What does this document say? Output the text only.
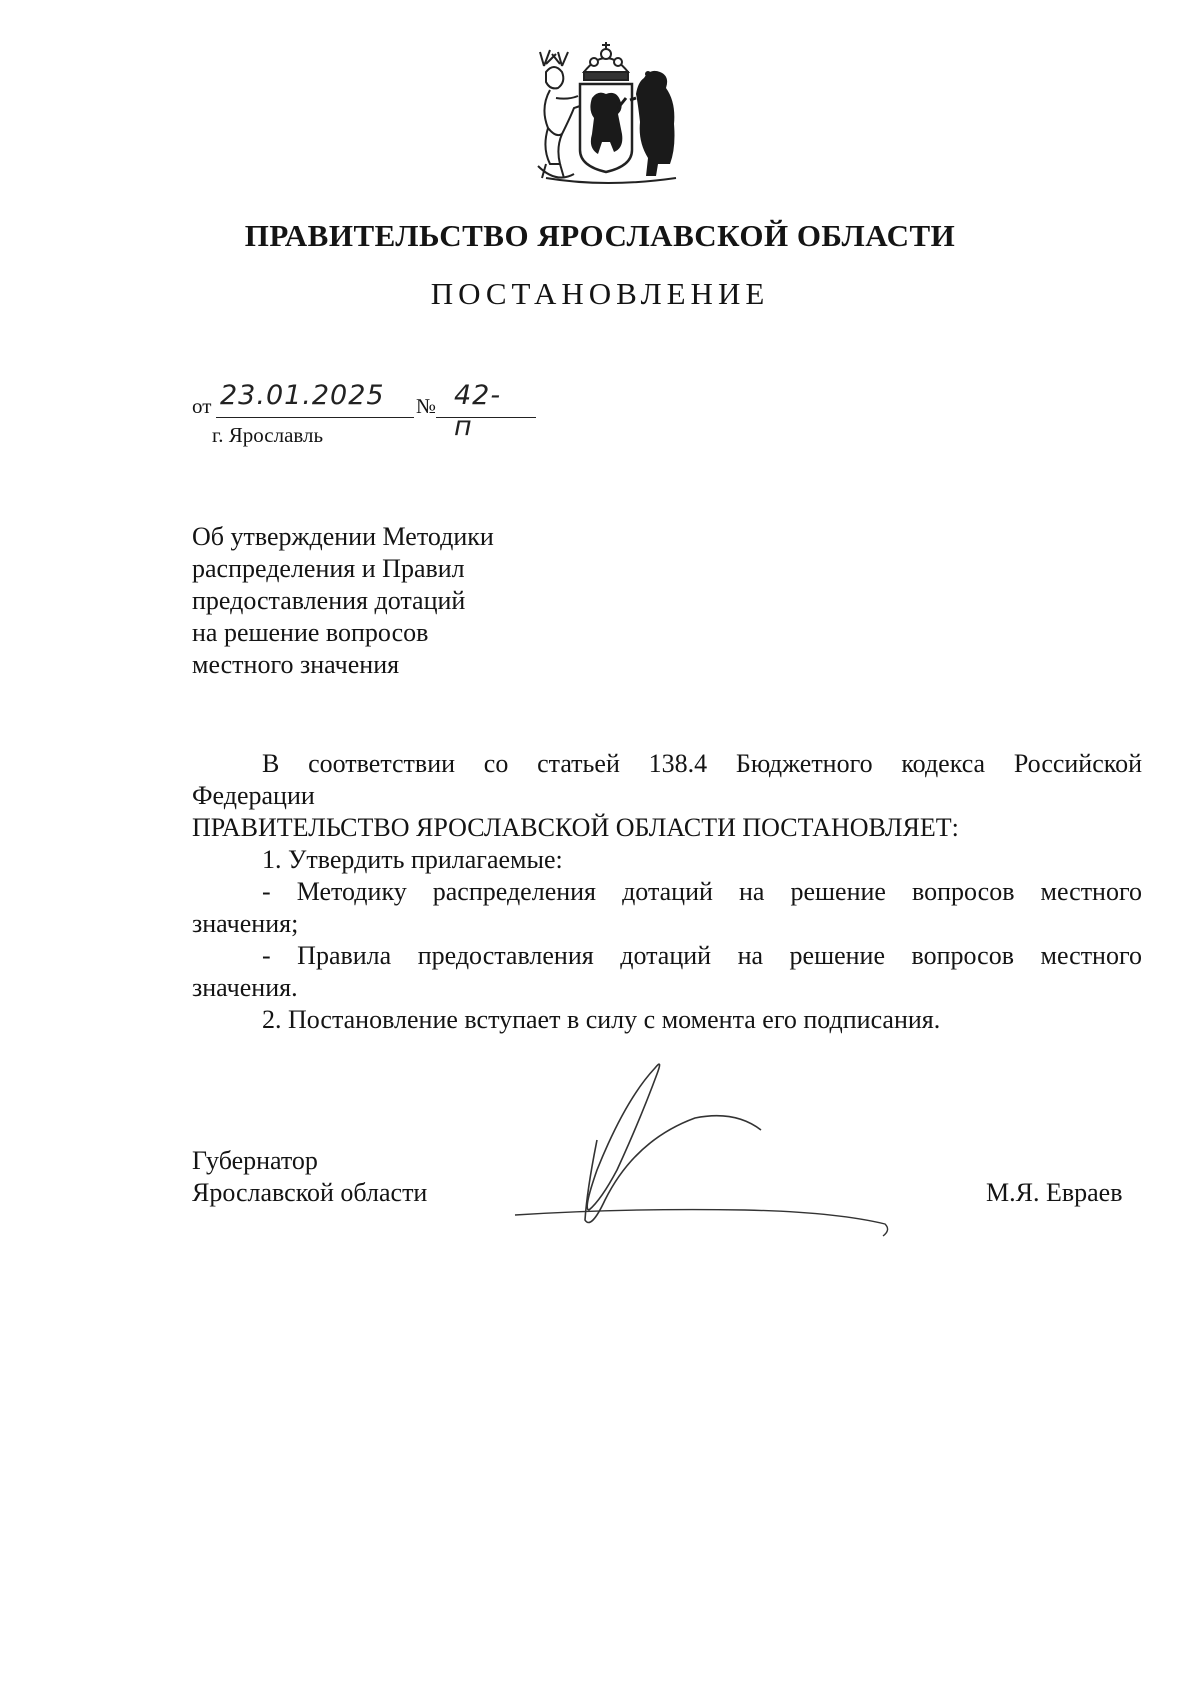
ПРАВИТЕЛЬСТВО ЯРОСЛАВСКОЙ ОБЛАСТИ
ПОСТАНОВЛЕНИЕ
от 23.01.2025 № 42-п
г. Ярославль
Об утверждении Методики
распределения и Правил
предоставления дотаций
на решение вопросов
местного значения
В соответствии со статьей 138.4 Бюджетного кодекса Российской
Федерации
ПРАВИТЕЛЬСТВО ЯРОСЛАВСКОЙ ОБЛАСТИ ПОСТАНОВЛЯЕТ:
1. Утвердить прилагаемые:
- Методику распределения дотаций на решение вопросов местного
значения;
- Правила предоставления дотаций на решение вопросов местного
значения.
2. Постановление вступает в силу с момента его подписания.
Губернатор
Ярославской области	М.Я. Евраев
